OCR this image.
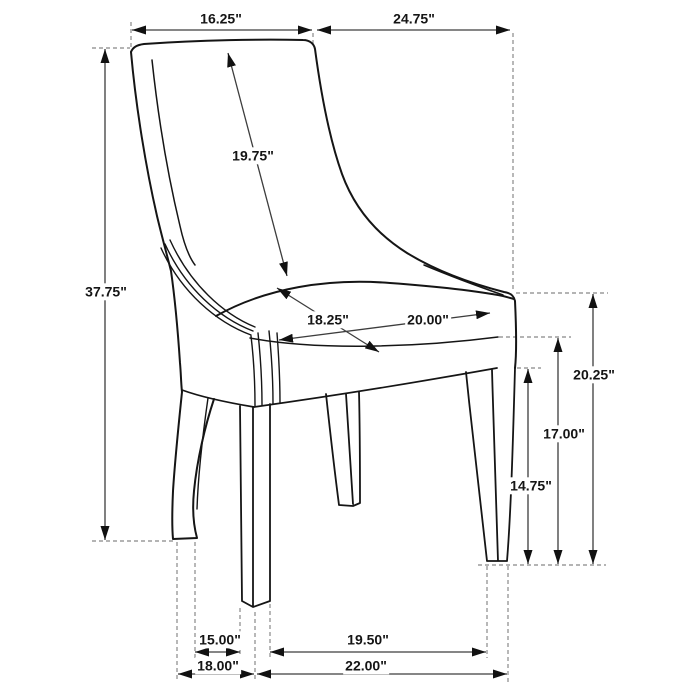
16.25"	24.75"
19.75"
37.75"
18.25"	20.00"
20.25"
17.00"
14.75"
15.00"	19.50"
18.00"	22.00"
